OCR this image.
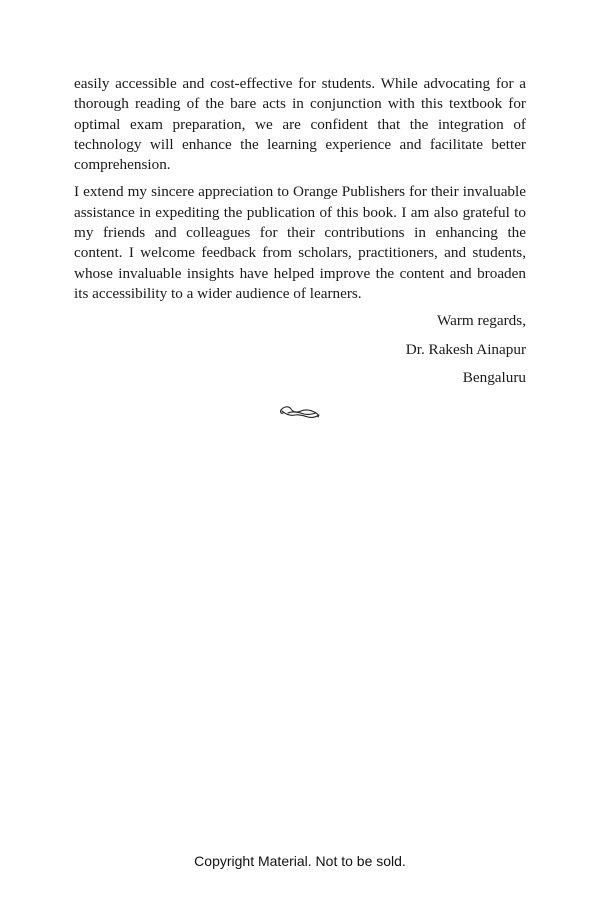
easily accessible and cost-effective for students. While advocating for a thorough reading of the bare acts in conjunction with this textbook for optimal exam preparation, we are confident that the integration of technology will enhance the learning experience and facilitate better comprehension.

I extend my sincere appreciation to Orange Publishers for their invaluable assistance in expediting the publication of this book. I am also grateful to my friends and colleagues for their contributions in enhancing the content. I welcome feedback from scholars, practitioners, and students, whose invaluable insights have helped improve the content and broaden its accessibility to a wider audience of learners.

Warm regards,
Dr. Rakesh Ainapur
Bengaluru
Copyright Material. Not to be sold.
